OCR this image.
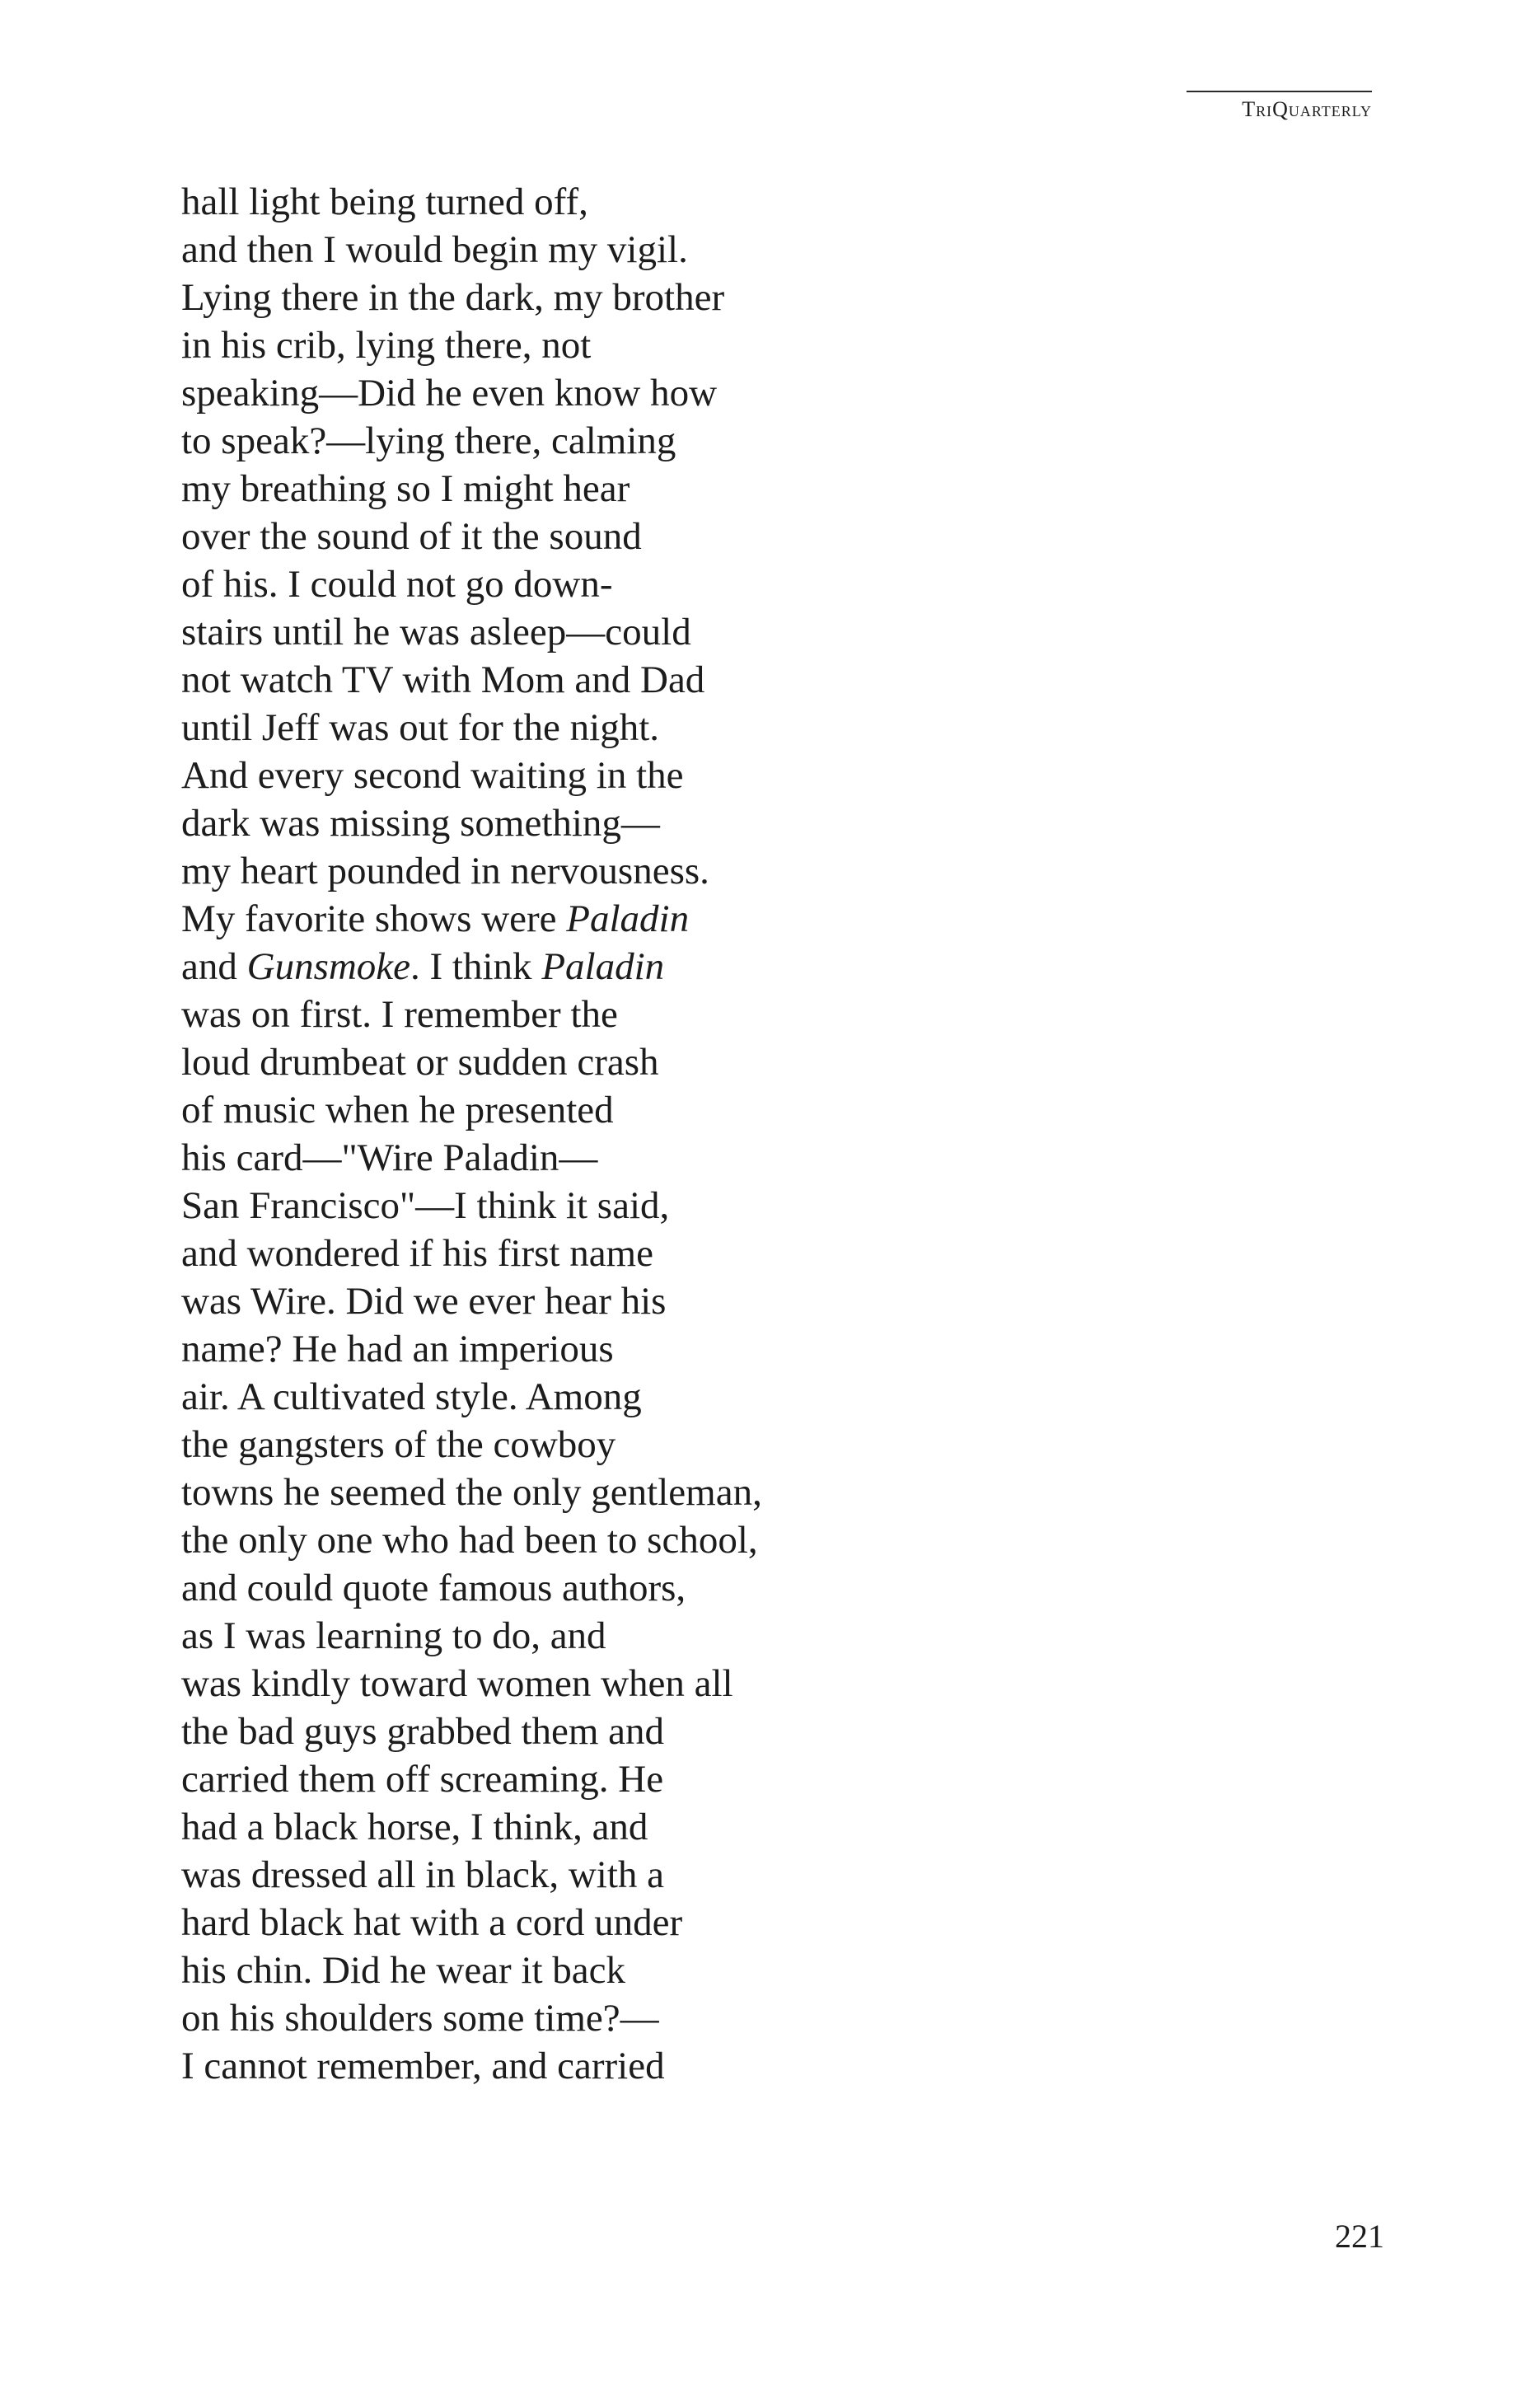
TriQuarterly
hall light being turned off,
and then I would begin my vigil.
Lying there in the dark, my brother
in his crib, lying there, not
speaking—Did he even know how
to speak?—lying there, calming
my breathing so I might hear
over the sound of it the sound
of his. I could not go down-
stairs until he was asleep—could
not watch TV with Mom and Dad
until Jeff was out for the night.
And every second waiting in the
dark was missing something—
my heart pounded in nervousness.
My favorite shows were Paladin
and Gunsmoke. I think Paladin
was on first. I remember the
loud drumbeat or sudden crash
of music when he presented
his card—"Wire Paladin—
San Francisco"—I think it said,
and wondered if his first name
was Wire. Did we ever hear his
name? He had an imperious
air. A cultivated style. Among
the gangsters of the cowboy
towns he seemed the only gentleman,
the only one who had been to school,
and could quote famous authors,
as I was learning to do, and
was kindly toward women when all
the bad guys grabbed them and
carried them off screaming. He
had a black horse, I think, and
was dressed all in black, with a
hard black hat with a cord under
his chin. Did he wear it back
on his shoulders some time?—
I cannot remember, and carried
221
